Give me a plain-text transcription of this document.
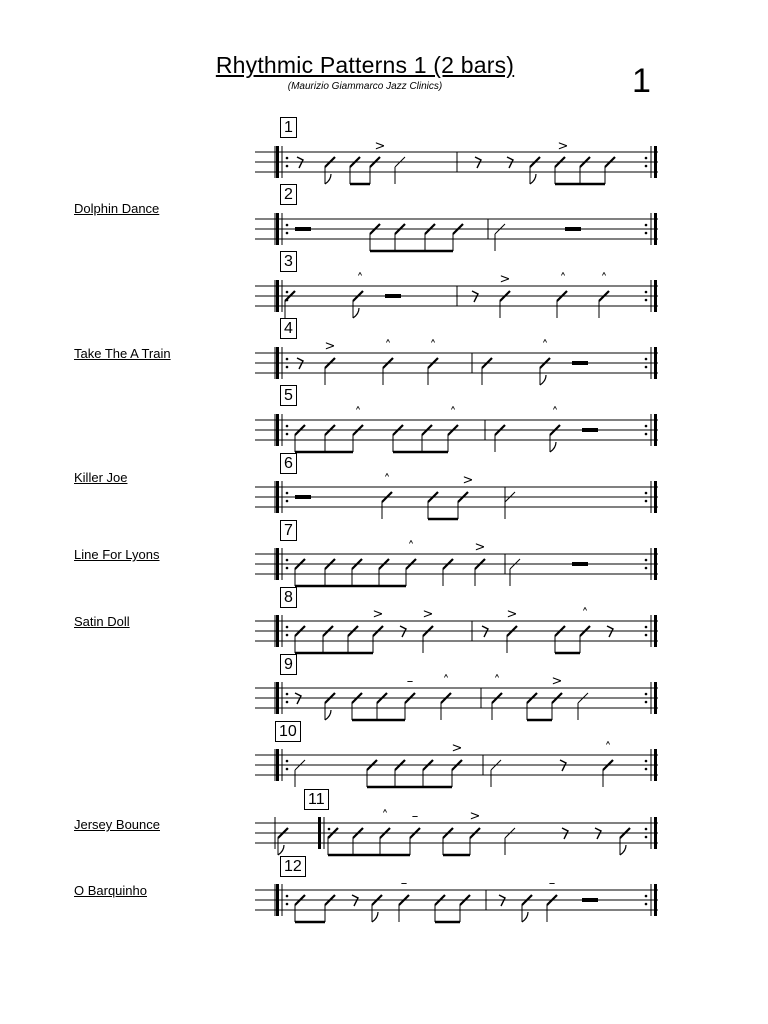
Rhythmic Patterns 1 (2 bars)
(Maurizio Giammarco Jazz Clinics)	1
Dolphin Dance
Take The A Train
Killer Joe
Line For Lyons
Satin Doll
Jersey Bounce
O Barquinho
1
2
3
4
5
6
7
8
9
10
11
12
>	>
˄	>	˄	˄
>	˄	˄	˄
˄	˄	˄
˄	>
˄	>
>	>	>	˄
– ˄	˄	>
>	˄
˄ –	>
–	–
